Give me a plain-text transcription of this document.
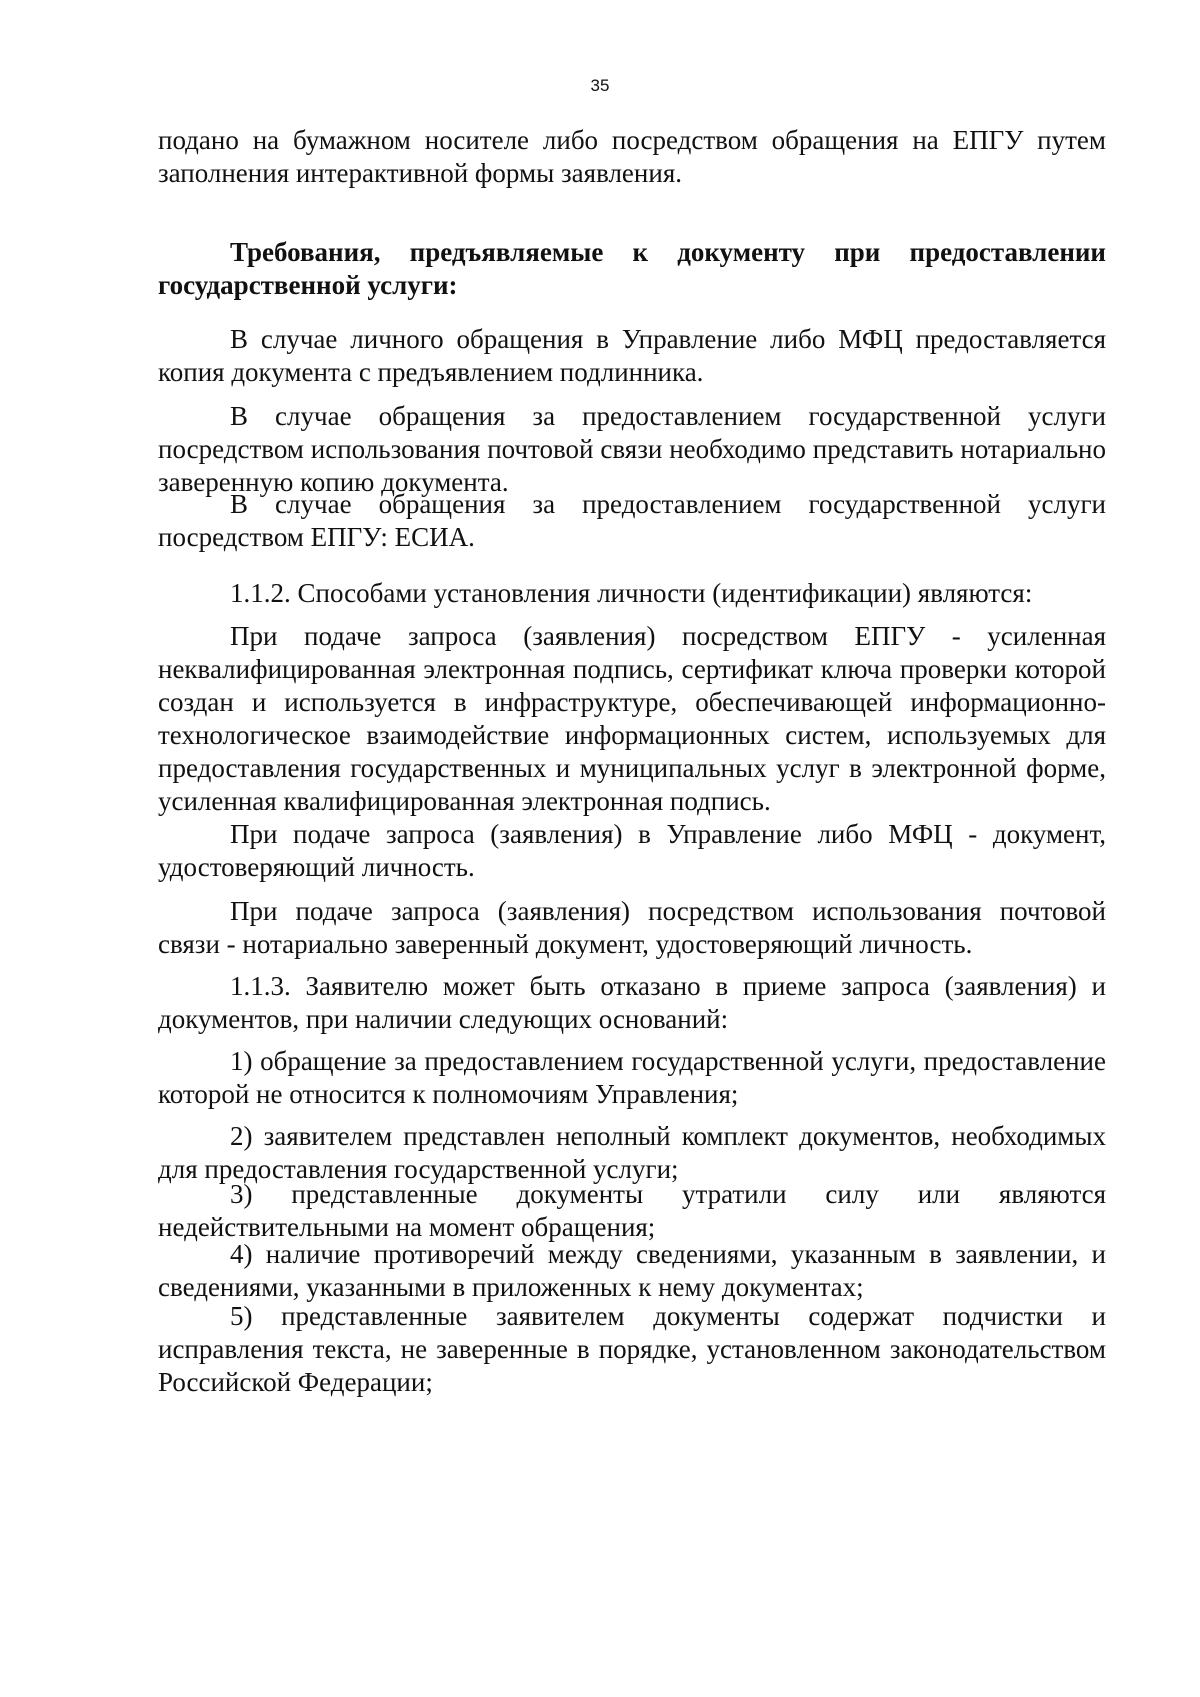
35

подано на бумажном носителе либо посредством обращения на ЕПГУ путем заполнения интерактивной формы заявления.

Требования, предъявляемые к документу при предоставлении государственной услуги:

В случае личного обращения в Управление либо МФЦ предоставляется копия документа с предъявлением подлинника.

В случае обращения за предоставлением государственной услуги посредством использования почтовой связи необходимо представить нотариально заверенную копию документа.

В случае обращения за предоставлением государственной услуги посредством ЕПГУ: ЕСИА.

1.1.2. Способами установления личности (идентификации) являются:

При подаче запроса (заявления) посредством ЕПГУ - усиленная неквалифицированная электронная подпись, сертификат ключа проверки которой создан и используется в инфраструктуре, обеспечивающей информационно-технологическое взаимодействие информационных систем, используемых для предоставления государственных и муниципальных услуг в электронной форме, усиленная квалифицированная электронная подпись.

При подаче запроса (заявления) в Управление либо МФЦ - документ, удостоверяющий личность.

При подаче запроса (заявления) посредством использования почтовой связи - нотариально заверенный документ, удостоверяющий личность.

1.1.3. Заявителю может быть отказано в приеме запроса (заявления) и документов, при наличии следующих оснований:

1) обращение за предоставлением государственной услуги, предоставление которой не относится к полномочиям Управления;

2) заявителем представлен неполный комплект документов, необходимых для предоставления государственной услуги;

3) представленные документы утратили силу или являются недействительными на момент обращения;

4) наличие противоречий между сведениями, указанным в заявлении, и сведениями, указанными в приложенных к нему документах;

5) представленные заявителем документы содержат подчистки и исправления текста, не заверенные в порядке, установленном законодательством Российской Федерации;
